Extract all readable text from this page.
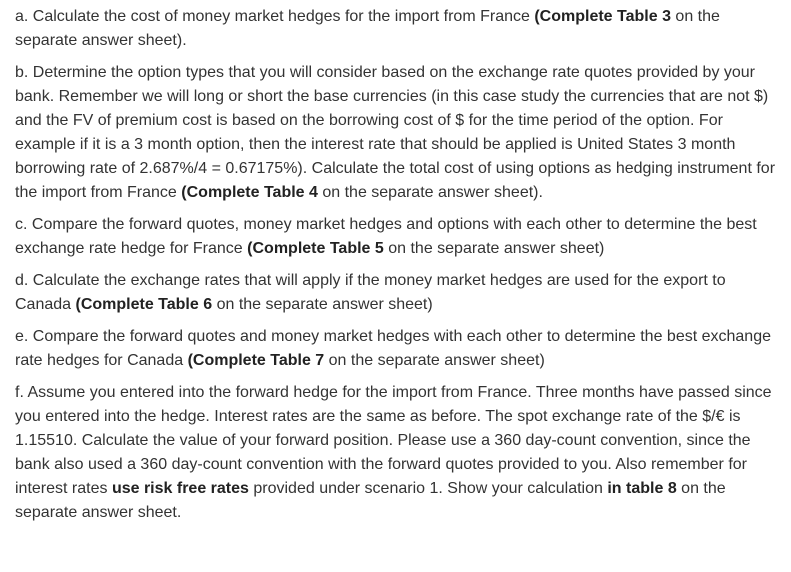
a. Calculate the cost of money market hedges for the import from France (Complete Table 3 on the separate answer sheet).

b. Determine the option types that you will consider based on the exchange rate quotes provided by your bank. Remember we will long or short the base currencies (in this case study the currencies that are not $) and the FV of premium cost is based on the borrowing cost of $ for the time period of the option. For example if it is a 3 month option, then the interest rate that should be applied is United States 3 month borrowing rate of 2.687%/4 = 0.67175%). Calculate the total cost of using options as hedging instrument for the import from France (Complete Table 4 on the separate answer sheet).

c. Compare the forward quotes, money market hedges and options with each other to determine the best exchange rate hedge for France (Complete Table 5 on the separate answer sheet)

d. Calculate the exchange rates that will apply if the money market hedges are used for the export to Canada (Complete Table 6 on the separate answer sheet)

e. Compare the forward quotes and money market hedges with each other to determine the best exchange rate hedges for Canada (Complete Table 7 on the separate answer sheet)

f. Assume you entered into the forward hedge for the import from France. Three months have passed since you entered into the hedge. Interest rates are the same as before. The spot exchange rate of the $/€ is 1.15510. Calculate the value of your forward position. Please use a 360 day-count convention, since the bank also used a 360 day-count convention with the forward quotes provided to you. Also remember for interest rates use risk free rates provided under scenario 1. Show your calculation in table 8 on the separate answer sheet.
